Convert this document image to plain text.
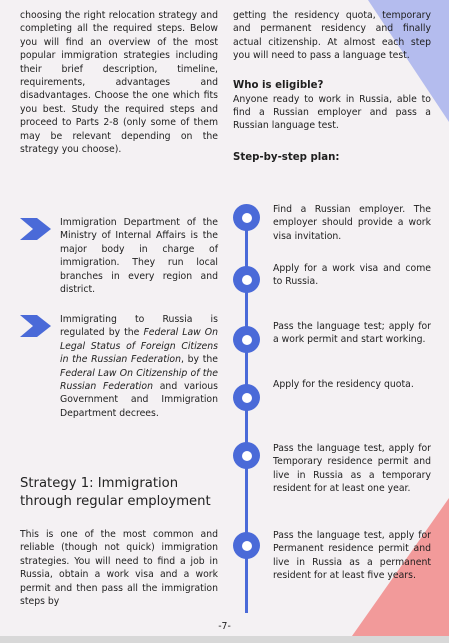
choosing the right relocation strategy and completing all the required steps. Below you will find an overview of the most popular immigration strategies including their brief description, timeline, requirements, advantages and disadvantages. Choose the one which fits you best. Study the required steps and proceed to Parts 2-8 (only some of them may be relevant depending on the strategy you choose).

Immigration Department of the Ministry of Internal Affairs is the major body in charge of immigration. They run local branches in every region and district.

Immigrating to Russia is regulated by the Federal Law On Legal Status of Foreign Citizens in the Russian Federation, by the Federal Law On Citizenship of the Russian Federation and various Government and Immigration Department decrees.

Strategy 1: Immigration through regular employment

This is one of the most common and reliable (though not quick) immigration strategies. You will need to find a job in Russia, obtain a work visa and a work permit and then pass all the immigration steps by

getting the residency quota, temporary and permanent residency and finally actual citizenship. At almost each step you will need to pass a language test.

Who is eligible?

Anyone ready to work in Russia, able to find a Russian employer and pass a Russian language test.

Step-by-step plan:

Find a Russian employer. The employer should provide a work visa invitation.

Apply for a work visa and come to Russia.

Pass the language test; apply for a work permit and start working.

Apply for the residency quota.

Pass the language test, apply for Temporary residence permit and live in Russia as a temporary resident for at least one year.

Pass the language test, apply for Permanent residence permit and live in Russia as a permanent resident for at least five years.

-7-
